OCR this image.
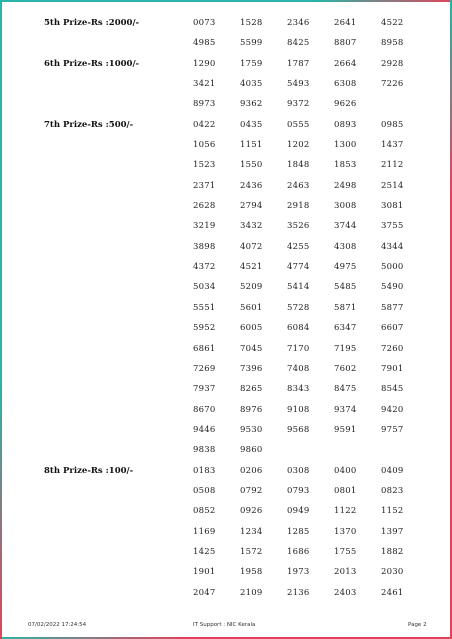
5th Prize-Rs :2000/-	0073	1528	2346	2641	4522
4985	5599	8425	8807	8958
6th Prize-Rs :1000/-	1290	1759	1787	2664	2928
3421	4035	5493	6308	7226
8973	9362	9372	9626
7th Prize-Rs :500/-	0422	0435	0555	0893	0985
1056	1151	1202	1300	1437
1523	1550	1848	1853	2112
2371	2436	2463	2498	2514
2628	2794	2918	3008	3081
3219	3432	3526	3744	3755
3898	4072	4255	4308	4344
4372	4521	4774	4975	5000
5034	5209	5414	5485	5490
5551	5601	5728	5871	5877
5952	6005	6084	6347	6607
6861	7045	7170	7195	7260
7269	7396	7408	7602	7901
7937	8265	8343	8475	8545
8670	8976	9108	9374	9420
9446	9530	9568	9591	9757
9838	9860
8th Prize-Rs :100/-	0183	0206	0308	0400	0409
0508	0792	0793	0801	0823
0852	0926	0949	1122	1152
1169	1234	1285	1370	1397
1425	1572	1686	1755	1882
1901	1958	1973	2013	2030
2047	2109	2136	2403	2461
07/02/2022 17:24:54	IT Support : NIC Kerala	Page 2
